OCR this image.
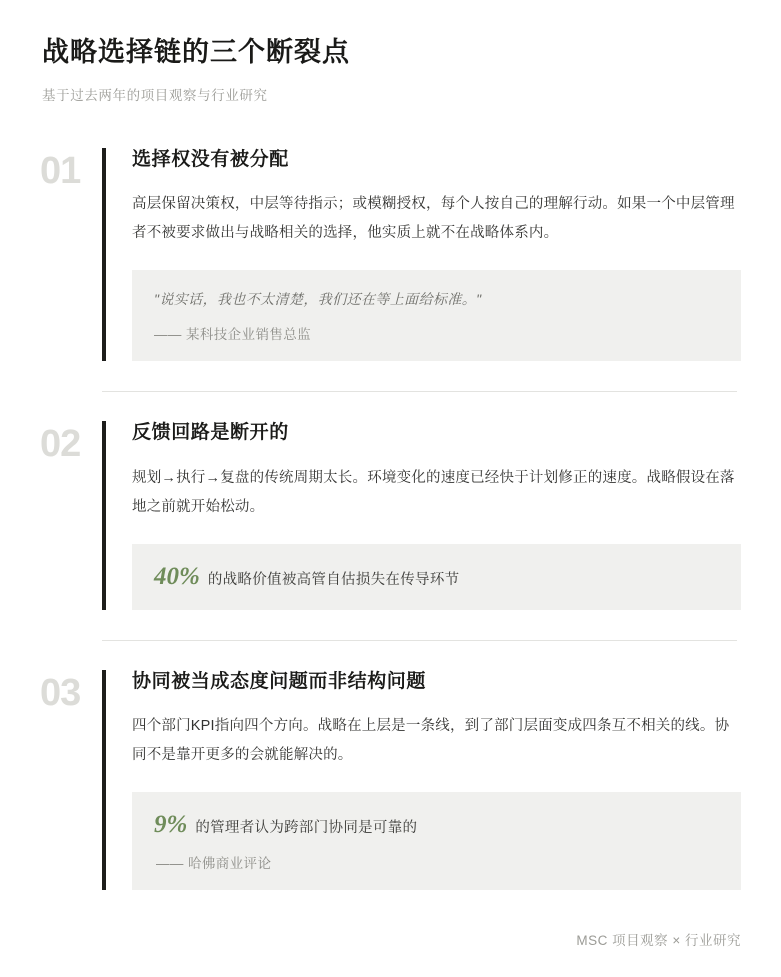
战略选择链的三个断裂点

基于过去两年的项目观察与行业研究

01	选择权没有被分配

高层保留决策权，中层等待指示；或模糊授权，每个人按自己的理解行动。如果一个中层管理者不被要求做出与战略相关的选择，他实质上就不在战略体系内。

"说实话，我也不太清楚，我们还在等上面给标准。"

—— 某科技企业销售总监

02	反馈回路是断开的

规划→执行→复盘的传统周期太长。环境变化的速度已经快于计划修正的速度。战略假设在落地之前就开始松动。

40% 的战略价值被高管自估损失在传导环节
03	协同被当成态度问题而非结构问题

四个部门KPI指向四个方向。战略在上层是一条线，到了部门层面变成四条互不相关的线。协同不是靠开更多的会就能解决的。

9% 的管理者认为跨部门协同是可靠的

—— 哈佛商业评论

MSC 项目观察 × 行业研究
